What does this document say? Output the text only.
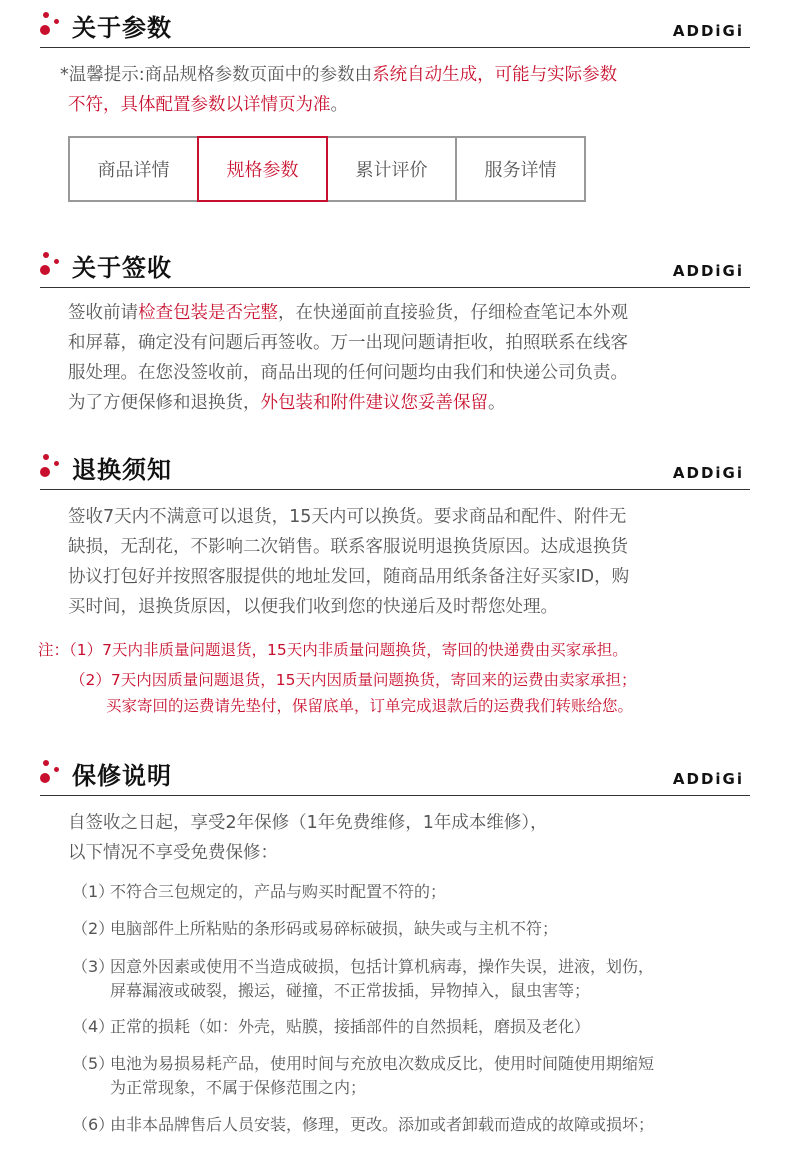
关于参数	ADDiGi
*温馨提示:商品规格参数页面中的参数由系统自动生成，可能与实际参数
不符，具体配置参数以详情页为准。
商品详情	规格参数	累计评价	服务详情
关于签收	ADDiGi
签收前请检查包装是否完整，在快递面前直接验货，仔细检查笔记本外观
和屏幕，确定没有问题后再签收。万一出现问题请拒收，拍照联系在线客
服处理。在您没签收前，商品出现的任何问题均由我们和快递公司负责。
为了方便保修和退换货，外包装和附件建议您妥善保留。
退换须知	ADDiGi
签收7天内不满意可以退货，15天内可以换货。要求商品和配件、附件无
缺损，无刮花，不影响二次销售。联系客服说明退换货原因。达成退换货
协议打包好并按照客服提供的地址发回，随商品用纸条备注好买家ID，购
买时间，退换货原因，以便我们收到您的快递后及时帮您处理。
注：（1）7天内非质量问题退货，15天内非质量问题换货，寄回的快递费由买家承担。
（2）7天内因质量问题退货，15天内因质量问题换货，寄回来的运费由卖家承担；
买家寄回的运费请先垫付，保留底单，订单完成退款后的运费我们转账给您。
保修说明	ADDiGi
自签收之日起，享受2年保修（1年免费维修，1年成本维修），
以下情况不享受免费保修：
（1）不符合三包规定的，产品与购买时配置不符的；
（2）电脑部件上所粘贴的条形码或易碎标破损，缺失或与主机不符；
（3）因意外因素或使用不当造成破损，包括计算机病毒，操作失误，进液，划伤，
屏幕漏液或破裂，搬运，碰撞，不正常拔插，异物掉入，鼠虫害等；
（4）正常的损耗（如：外壳，贴膜，接插部件的自然损耗，磨损及老化）
（5）电池为易损易耗产品，使用时间与充放电次数成反比，使用时间随使用期缩短
为正常现象，不属于保修范围之内；
（6）由非本品牌售后人员安装，修理，更改。添加或者卸载而造成的故障或损坏；
